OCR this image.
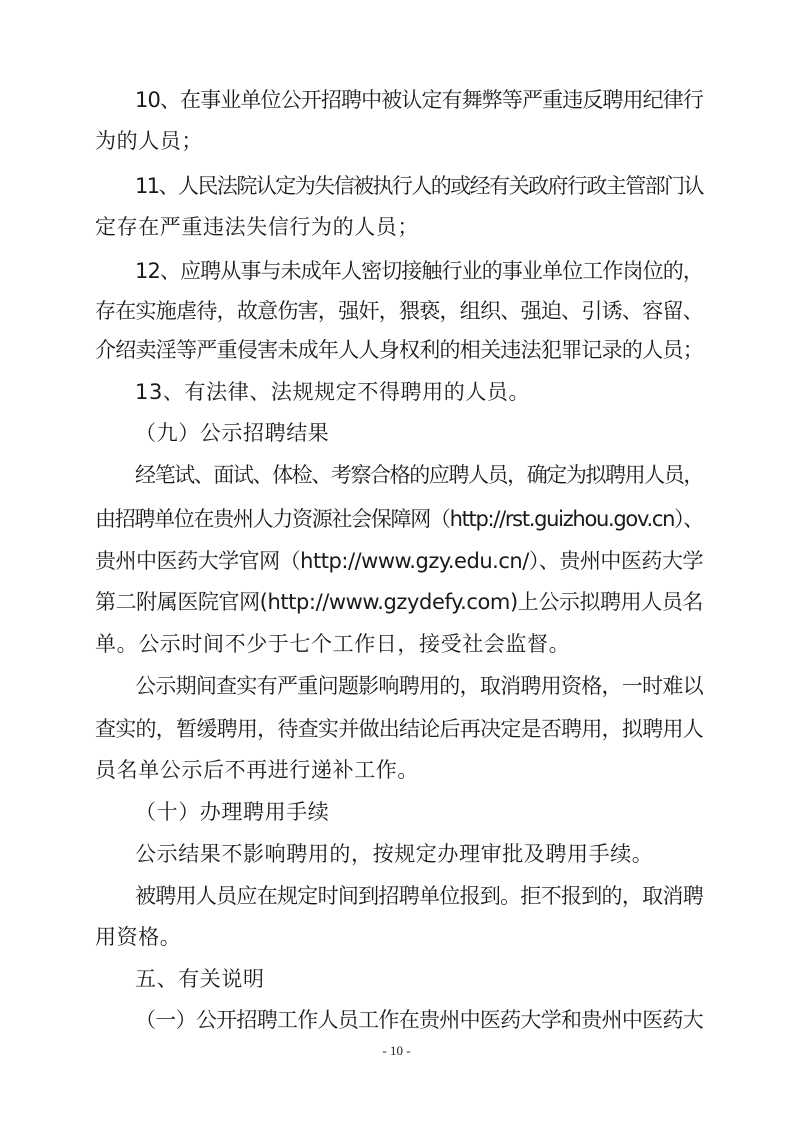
10、在事业单位公开招聘中被认定有舞弊等严重违反聘用纪律行
为的人员；
11、人民法院认定为失信被执行人的或经有关政府行政主管部门认
定存在严重违法失信行为的人员；
12、应聘从事与未成年人密切接触行业的事业单位工作岗位的，
存在实施虐待，故意伤害，强奸，猥亵，组织、强迫、引诱、容留、
介绍卖淫等严重侵害未成年人人身权利的相关违法犯罪记录的人员；
13、有法律、法规规定不得聘用的人员。
（九）公示招聘结果
经笔试、面试、体检、考察合格的应聘人员，确定为拟聘用人员，
由招聘单位在贵州人力资源社会保障网（http://rst.guizhou.gov.cn）、
贵州中医药大学官网（http://www.gzy.edu.cn/）、贵州中医药大学
第二附属医院官网(http://www.gzydefy.com)上公示拟聘用人员名
单。公示时间不少于七个工作日，接受社会监督。
公示期间查实有严重问题影响聘用的，取消聘用资格，一时难以
查实的，暂缓聘用，待查实并做出结论后再决定是否聘用，拟聘用人
员名单公示后不再进行递补工作。
（十）办理聘用手续
公示结果不影响聘用的，按规定办理审批及聘用手续。
被聘用人员应在规定时间到招聘单位报到。拒不报到的，取消聘
用资格。
五、有关说明
（一）公开招聘工作人员工作在贵州中医药大学和贵州中医药大
- 10 -
